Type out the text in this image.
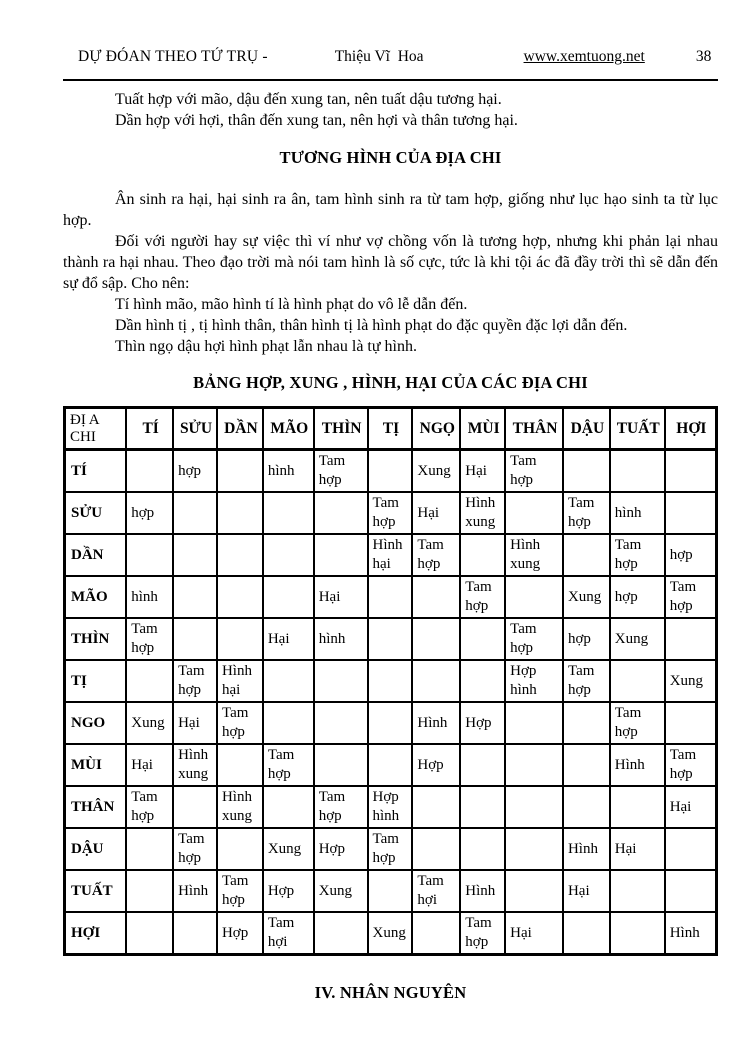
DỰ ĐÓAN THEO TỨ TRỤ -	Thiệu Vĩ  Hoa	www.xemtuong.net	38
Tuất hợp với mão, dậu đến xung tan, nên tuất dậu tương hại.
Dần hợp với hợi, thân đến xung tan, nên hợi và thân tương hại.
TƯƠNG HÌNH CỦA ĐỊA CHI

Ân sinh ra hại, hại sinh ra ân, tam hình sinh ra từ tam hợp, giống như lục hạo sinh ta từ lục hợp.

Đối với người hay sự việc thì ví như vợ chồng vốn là tương hợp, nhưng khi phản lại nhau thành ra hại nhau. Theo đạo trời mà nói tam hình là số cực, tức là khi tội ác đã đầy trời thì sẽ dẫn đến sự đổ sập. Cho nên:

Tí hình mão, mão hình tí là hình phạt do vô lễ dẫn đến.
Dần hình tị , tị hình thân, thân hình tị là hình phạt do đặc quyền đặc lợi dẫn đến.
Thìn ngọ dậu hợi hình phạt lẫn nhau là tự hình.
BẢNG HỢP, XUNG , HÌNH, HẠI CỦA CÁC ĐỊA CHI
ĐỊ A CHI	TÍ	SỬU	DẦN	MÃO	THÌN	TỊ	NGỌ	MÙI	THÂN	DẬU	TUẤT	HỢI
TÍ		hợp		hình	Tam hợp		Xung	Hại	Tam hợp			
SỬU	hợp					Tam hợp	Hại	Hình xung		Tam hợp	hình	
DẦN						Hình hại	Tam hợp		Hình xung		Tam hợp	hợp
MÃO	hình				Hại			Tam hợp		Xung	hợp	Tam hợp
THÌN	Tam hợp			Hại	hình				Tam hợp	hợp	Xung	
TỊ		Tam hợp	Hình hại						Hợp hình	Tam hợp		Xung
NGO	Xung	Hại	Tam hợp				Hình	Hợp			Tam hợp	
MÙI	Hại	Hình xung		Tam hợp			Hợp				Hình	Tam hợp
THÂN	Tam hợp		Hình xung		Tam hợp	Hợp hình						Hại
DẬU		Tam hợp		Xung	Hợp	Tam hợp				Hình	Hại	
TUẤT		Hình	Tam hợp	Hợp	Xung		Tam hợi	Hình		Hại		
HỢI			Hợp	Tam hợi		Xung		Tam hợp	Hại			Hình
IV. NHÂN NGUYÊN
